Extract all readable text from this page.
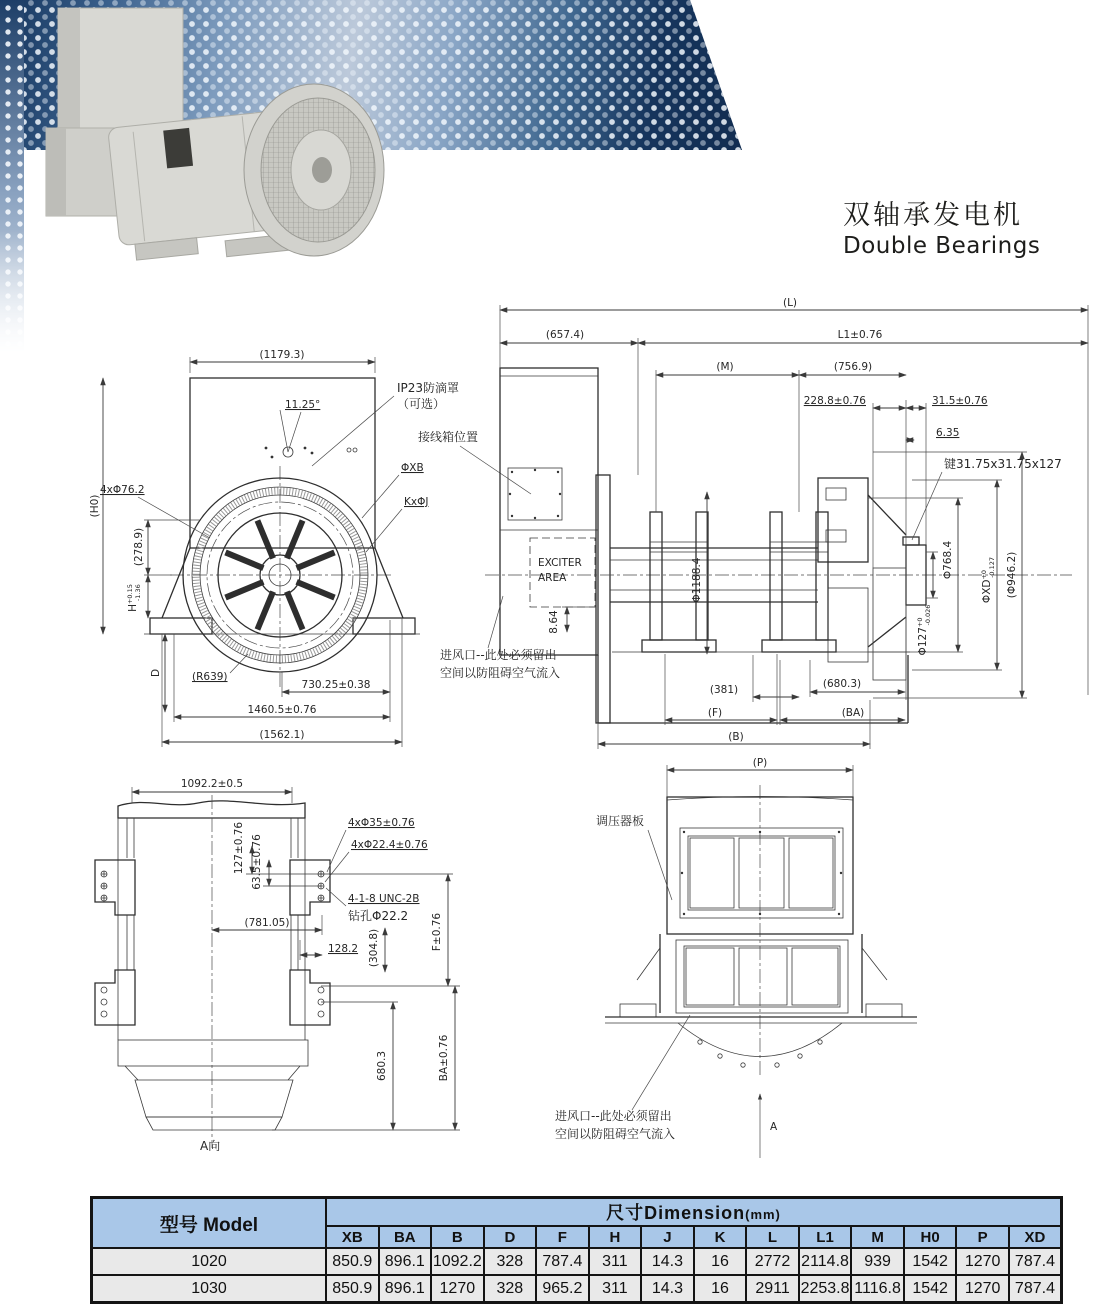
双轴承发电机
Double Bearings
(1179.3)
(H0)
11.25°
4xΦ76.2
(278.9)
$H^{+0.15}-1.36$
D	(R639)
730.25±0.38
1460.5±0.76
(1562.1)
IP23防滴罩
（可选）
接线箱位置
ΦXB
KxΦJ
(L)
(657.4)	L1±0.76
(M)	(756.9)
228.8±0.76	31.5±0.76
6.35
键31.75x31.75x127
Φ768.4
$\Phi XD^{+0}-0.127$ (Φ946.2)
$\Phi 127^{+0}-0.026$
Φ1188.4
8.64
EXCITER
AREA
(381)	(680.3)
(F)	(BA)
(B)
进风口--此处必须留出
空间以防阻碍空气流入
1092.2±0.5
127±0.76 63.5±0.76
4xΦ35±0.76
4xΦ22.4±0.76
4-1-8 UNC-2B
钻孔Φ22.2
(781.05)
128.2 (304.8)	F±0.76
680.3	BA±0.76
A向
(P)
调压器板
进风口--此处必须留出
空间以防阻碍空气流入	A
型号 Model	尺寸Dimension(mm)													
	XB	BA	B	D	F	H	J	K	L	L1	M	H0	P	XD
1020	850.9	896.1	1092.2	328	787.4	311	14.3	16	2772	2114.8	939	1542	1270	787.4
1030	850.9	896.1	1270	328	965.2	311	14.3	16	2911	2253.8	1116.8	1542	1270	787.4
